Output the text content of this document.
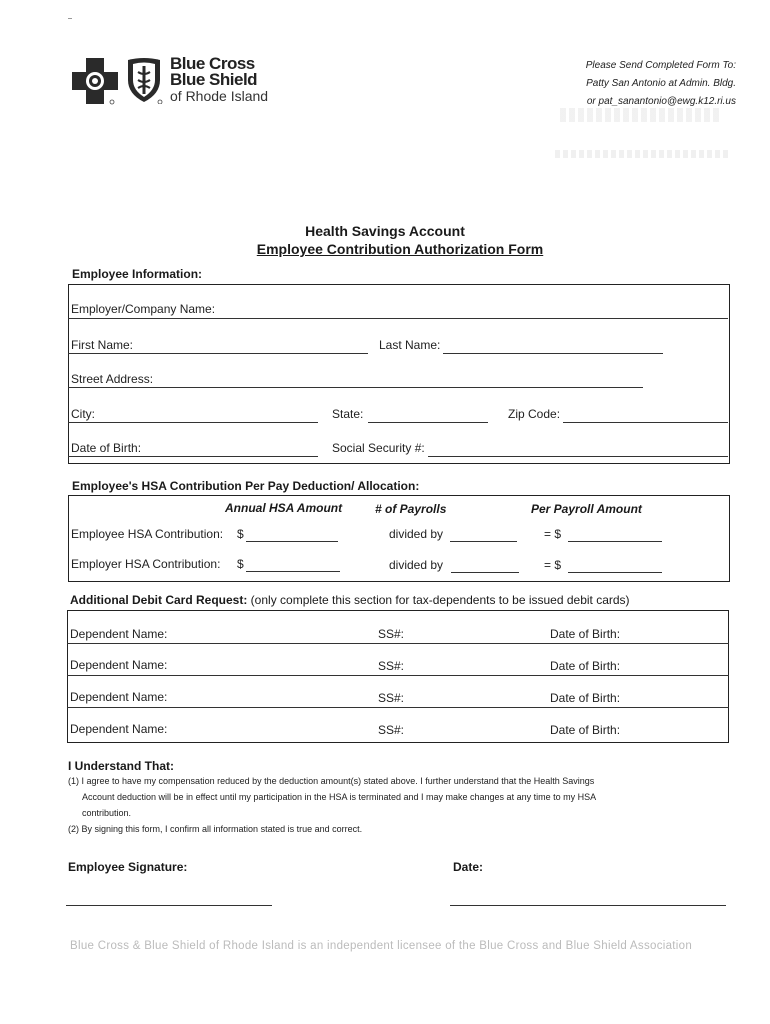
Blue Cross
Blue Shield
of Rhode Island
Please Send Completed Form To:
Patty San Antonio at Admin. Bldg.
or pat_sanantonio@ewg.k12.ri.us
Health Savings Account
Employee Contribution Authorization Form
Employee Information:
Employer/Company Name:
First Name:	Last Name:
Street Address:
City:	State:	Zip Code:
Date of Birth:	Social Security #:
Employee's HSA Contribution Per Pay Deduction/ Allocation:
Annual HSA Amount	# of Payrolls	Per Payroll Amount
Employee HSA Contribution: $	divided by	= $
Employer HSA Contribution: $	divided by	= $
Additional Debit Card Request: (only complete this section for tax-dependents to be issued debit cards)
Dependent Name:	SS#:	Date of Birth:
Dependent Name:	SS#:	Date of Birth:
Dependent Name:	SS#:	Date of Birth:
Dependent Name:	SS#:	Date of Birth:
I Understand That:
(1) I agree to have my compensation reduced by the deduction amount(s) stated above. I further understand that the Health Savings
Account deduction will be in effect until my participation in the HSA is terminated and I may make changes at any time to my HSA
contribution.
(2) By signing this form, I confirm all information stated is true and correct.
Employee Signature:	Date:
Blue Cross & Blue Shield of Rhode Island is an independent licensee of the Blue Cross and Blue Shield Association
